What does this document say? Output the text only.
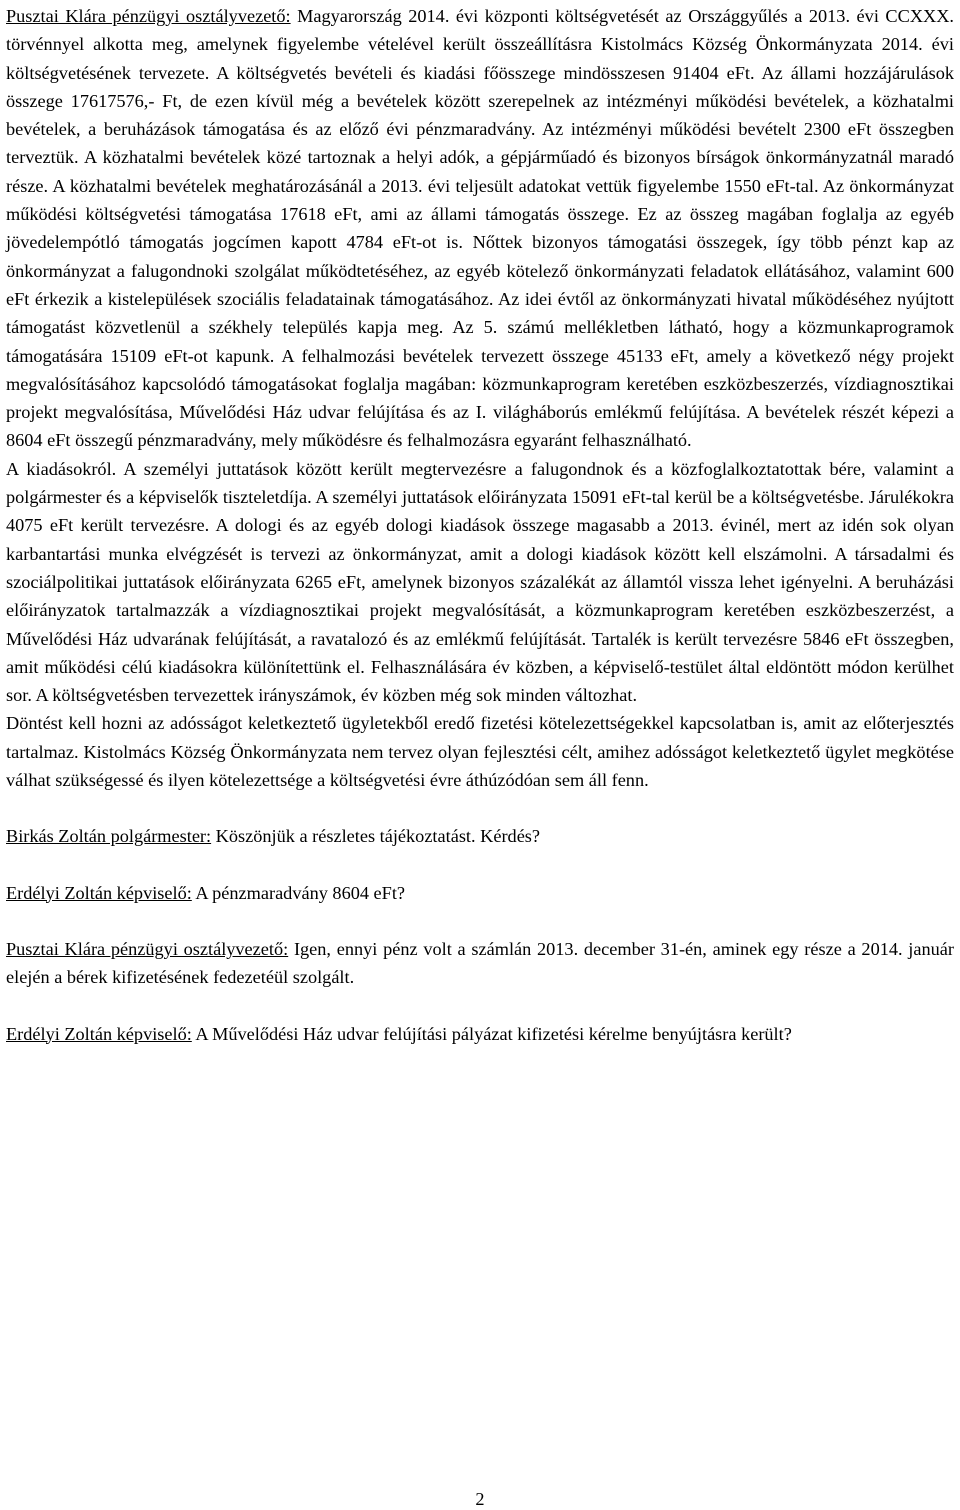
Pusztai Klára pénzügyi osztályvezető: Magyarország 2014. évi központi költségvetését az Országgyűlés a 2013. évi CCXXX. törvénnyel alkotta meg, amelynek figyelembe vételével került összeállításra Kistolmács Község Önkormányzata 2014. évi költségvetésének tervezete. A költségvetés bevételi és kiadási főösszege mindösszesen 91404 eFt. Az állami hozzájárulások összege 17617576,- Ft, de ezen kívül még a bevételek között szerepelnek az intézményi működési bevételek, a közhatalmi bevételek, a beruházások támogatása és az előző évi pénzmaradvány. Az intézményi működési bevételt 2300 eFt összegben terveztük. A közhatalmi bevételek közé tartoznak a helyi adók, a gépjárműadó és bizonyos bírságok önkormányzatnál maradó része. A közhatalmi bevételek meghatározásánál a 2013. évi teljesült adatokat vettük figyelembe 1550 eFt-tal. Az önkormányzat működési költségvetési támogatása 17618 eFt, ami az állami támogatás összege. Ez az összeg magában foglalja az egyéb jövedelempótló támogatás jogcímen kapott 4784 eFt-ot is. Nőttek bizonyos támogatási összegek, így több pénzt kap az önkormányzat a falugondnoki szolgálat működtetéséhez, az egyéb kötelező önkormányzati feladatok ellátásához, valamint 600 eFt érkezik a kistelepülések szociális feladatainak támogatásához. Az idei évtől az önkormányzati hivatal működéséhez nyújtott támogatást közvetlenül a székhely település kapja meg. Az 5. számú mellékletben látható, hogy a közmunkaprogramok támogatására 15109 eFt-ot kapunk. A felhalmozási bevételek tervezett összege 45133 eFt, amely a következő négy projekt megvalósításához kapcsolódó támogatásokat foglalja magában: közmunkaprogram keretében eszközbeszerzés, vízdiagnosztikai projekt megvalósítása, Művelődési Ház udvar felújítása és az I. világháborús emlékmű felújítása. A bevételek részét képezi a 8604 eFt összegű pénzmaradvány, mely működésre és felhalmozásra egyaránt felhasználható.

A kiadásokról. A személyi juttatások között került megtervezésre a falugondnok és a közfoglalkoztatottak bére, valamint a polgármester és a képviselők tiszteletdíja. A személyi juttatások előirányzata 15091 eFt-tal kerül be a költségvetésbe. Járulékokra 4075 eFt került tervezésre. A dologi és az egyéb dologi kiadások összege magasabb a 2013. évinél, mert az idén sok olyan karbantartási munka elvégzését is tervezi az önkormányzat, amit a dologi kiadások között kell elszámolni. A társadalmi és szociálpolitikai juttatások előirányzata 6265 eFt, amelynek bizonyos százalékát az államtól vissza lehet igényelni. A beruházási előirányzatok tartalmazzák a vízdiagnosztikai projekt megvalósítását, a közmunkaprogram keretében eszközbeszerzést, a Művelődési Ház udvarának felújítását, a ravatalozó és az emlékmű felújítását. Tartalék is került tervezésre 5846 eFt összegben, amit működési célú kiadásokra különítettünk el. Felhasználására év közben, a képviselő-testület által eldöntött módon kerülhet sor. A költségvetésben tervezettek irányszámok, év közben még sok minden változhat.

Döntést kell hozni az adósságot keletkeztető ügyletekből eredő fizetési kötelezettségekkel kapcsolatban is, amit az előterjesztés tartalmaz. Kistolmács Község Önkormányzata nem tervez olyan fejlesztési célt, amihez adósságot keletkeztető ügylet megkötése válhat szükségessé és ilyen kötelezettsége a költségvetési évre áthúzódóan sem áll fenn.

Birkás Zoltán polgármester: Köszönjük a részletes tájékoztatást. Kérdés?

Erdélyi Zoltán képviselő: A pénzmaradvány 8604 eFt?

Pusztai Klára pénzügyi osztályvezető: Igen, ennyi pénz volt a számlán 2013. december 31-én, aminek egy része a 2014. január elején a bérek kifizetésének fedezetéül szolgált.

Erdélyi Zoltán képviselő: A Művelődési Ház udvar felújítási pályázat kifizetési kérelme benyújtásra került?

2
